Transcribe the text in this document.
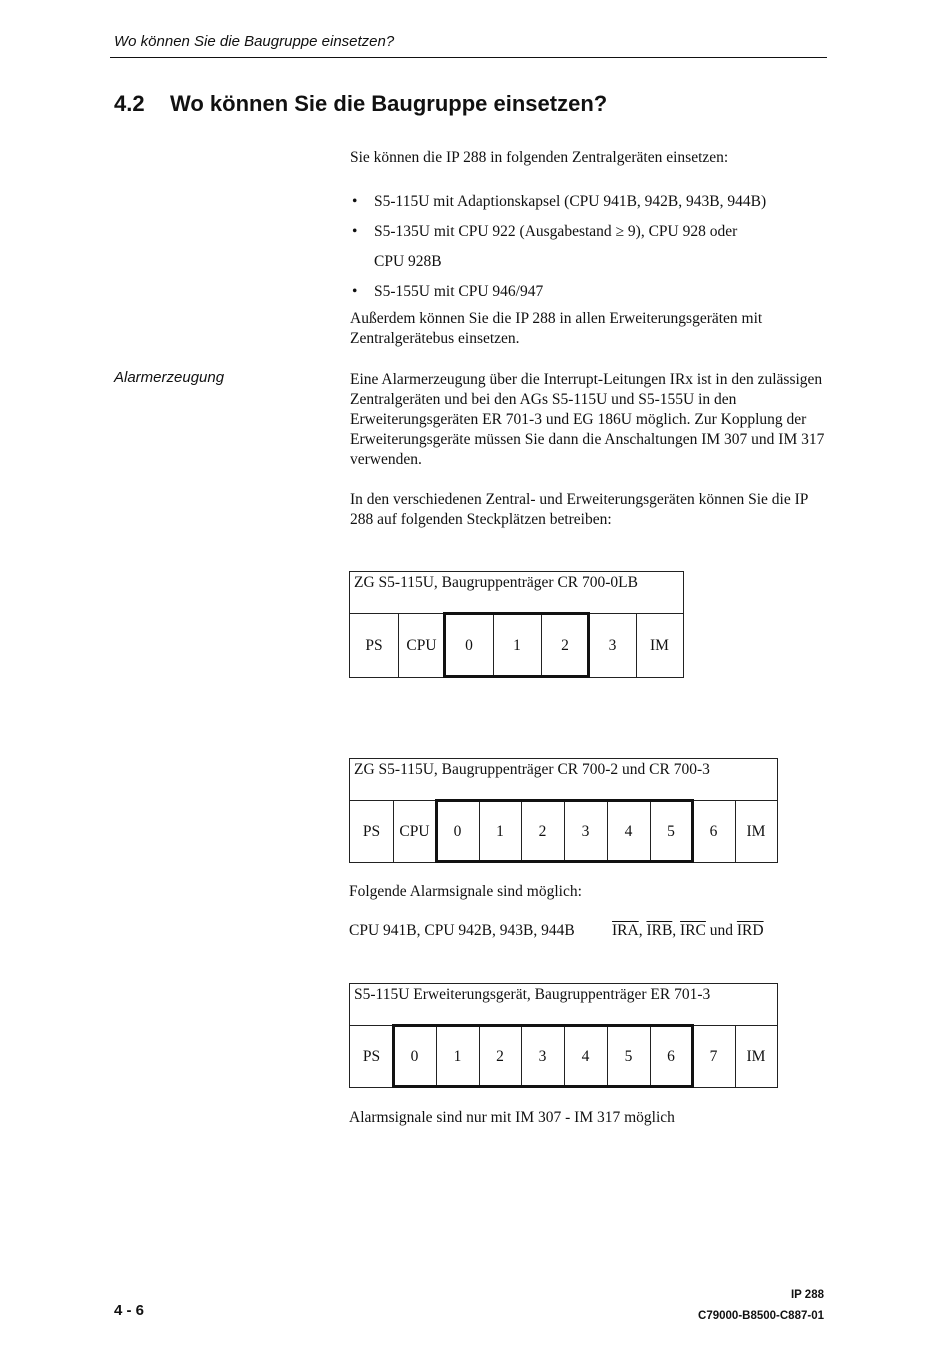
Wo können Sie die Baugruppe einsetzen?
4.2 Wo können Sie die Baugruppe einsetzen?
Sie können die IP 288 in folgenden Zentralgeräten einsetzen:
• S5-115U mit Adaptionskapsel (CPU 941B, 942B, 943B, 944B)
• S5-135U mit CPU 922 (Ausgabestand ≥ 9), CPU 928 oder
CPU 928B
• S5-155U mit CPU 946/947
Außerdem können Sie die IP 288 in allen Erweiterungsgeräten mit Zentralgerätebus einsetzen.
Alarmerzeugung	Eine Alarmerzeugung über die Interrupt-Leitungen IRx ist in den zulässigen Zentralgeräten und bei den AGs S5-115U und S5-155U in den Erweiterungsgeräten ER 701-3 und EG 186U möglich. Zur Kopplung der Erweiterungsgeräte müssen Sie dann die Anschaltungen IM 307 und IM 317 verwenden.
In den verschiedenen Zentral- und Erweiterungsgeräten können Sie die IP 288 auf folgenden Steckplätzen betreiben:
ZG S5-115U, Baugruppenträger CR 700-0LB
PS	CPU	0	1	2	3	IM
ZG S5-115U, Baugruppenträger CR 700-2 und CR 700-3
PS	CPU	0	1	2	3	4	5	6	IM
Folgende Alarmsignale sind möglich:
CPU 941B, CPU 942B, 943B, 944B $\overline{IRA}$, $\overline{IRB}$, $\overline{IRC}$ und $\overline{IRD}$
S5-115U Erweiterungsgerät, Baugruppenträger ER 701-3
PS	0	1	2	3	4	5	6	7	IM
Alarmsignale sind nur mit IM 307 - IM 317 möglich
4 - 6
IP 288
C79000-B8500-C887-01
